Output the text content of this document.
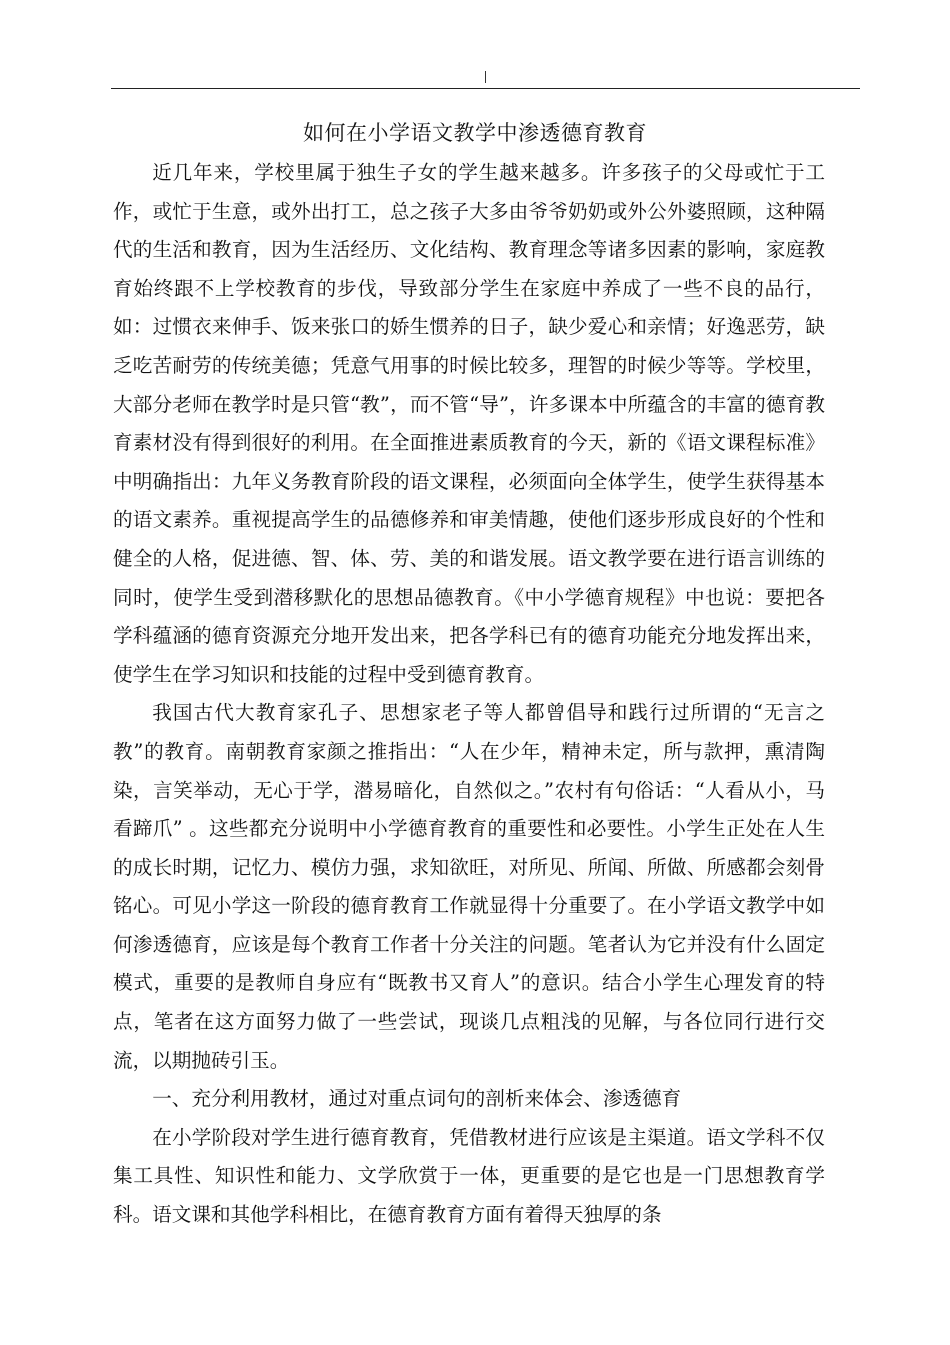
如何在小学语文教学中渗透德育教育

近几年来，学校里属于独生子女的学生越来越多。许多孩子的父母或忙于工作，或忙于生意，或外出打工，总之孩子大多由爷爷奶奶或外公外婆照顾，这种隔代的生活和教育，因为生活经历、文化结构、教育理念等诸多因素的影响，家庭教育始终跟不上学校教育的步伐，导致部分学生在家庭中养成了一些不良的品行，如：过惯衣来伸手、饭来张口的娇生惯养的日子，缺少爱心和亲情；好逸恶劳，缺乏吃苦耐劳的传统美德；凭意气用事的时候比较多，理智的时候少等等。学校里，大部分老师在教学时是只管“教”，而不管“导”，许多课本中所蕴含的丰富的德育教育素材没有得到很好的利用。在全面推进素质教育的今天，新的《语文课程标准》中明确指出：九年义务教育阶段的语文课程，必须面向全体学生，使学生获得基本的语文素养。重视提高学生的品德修养和审美情趣，使他们逐步形成良好的个性和健全的人格，促进德、智、体、劳、美的和谐发展。语文教学要在进行语言训练的同时，使学生受到潜移默化的思想品德教育。《中小学德育规程》中也说：要把各学科蕴涵的德育资源充分地开发出来，把各学科已有的德育功能充分地发挥出来，使学生在学习知识和技能的过程中受到德育教育。

我国古代大教育家孔子、思想家老子等人都曾倡导和践行过所谓的“无言之教”的教育。南朝教育家颜之推指出：“人在少年，精神未定，所与款押，熏清陶染，言笑举动，无心于学，潜易暗化，自然似之。”农村有句俗话：“人看从小，马看蹄爪” 。这些都充分说明中小学德育教育的重要性和必要性。小学生正处在人生的成长时期，记忆力、模仿力强，求知欲旺，对所见、所闻、所做、所感都会刻骨铭心。可见小学这一阶段的德育教育工作就显得十分重要了。在小学语文教学中如何渗透德育，应该是每个教育工作者十分关注的问题。笔者认为它并没有什么固定模式，重要的是教师自身应有“既教书又育人”的意识。结合小学生心理发育的特点，笔者在这方面努力做了一些尝试，现谈几点粗浅的见解，与各位同行进行交流，以期抛砖引玉。

一、充分利用教材，通过对重点词句的剖析来体会、渗透德育

在小学阶段对学生进行德育教育，凭借教材进行应该是主渠道。语文学科不仅集工具性、知识性和能力、文学欣赏于一体，更重要的是它也是一门思想教育学科。语文课和其他学科相比，在德育教育方面有着得天独厚的条
